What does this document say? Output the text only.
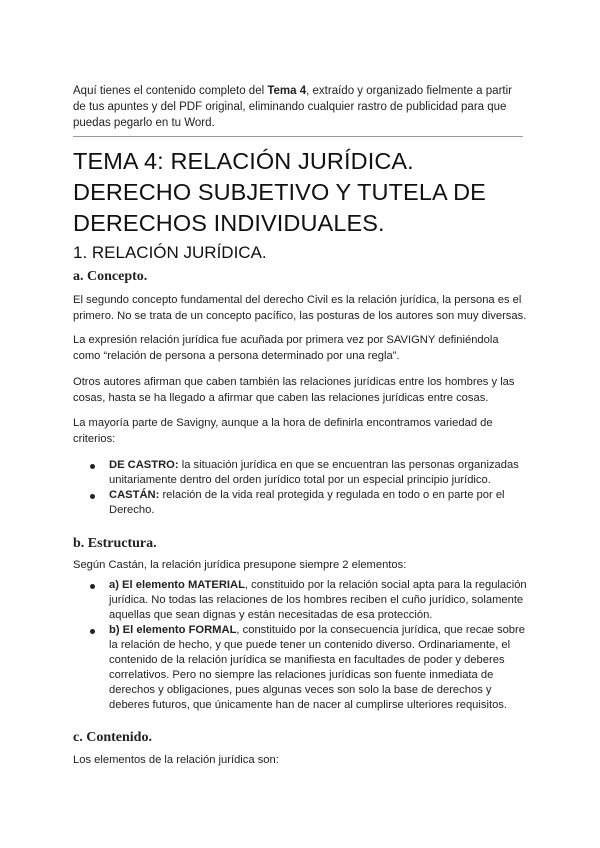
Aquí tienes el contenido completo del Tema 4, extraído y organizado fielmente a partir de tus apuntes y del PDF original, eliminando cualquier rastro de publicidad para que puedas pegarlo en tu Word.

TEMA 4: RELACIÓN JURÍDICA. DERECHO SUBJETIVO Y TUTELA DE DERECHOS INDIVIDUALES.
1. RELACIÓN JURÍDICA.
a. Concepto.

El segundo concepto fundamental del derecho Civil es la relación jurídica, la persona es el primero. No se trata de un concepto pacífico, las posturas de los autores son muy diversas.

La expresión relación jurídica fue acuñada por primera vez por SAVIGNY definiéndola como “relación de persona a persona determinado por una regla”.

Otros autores afirman que caben también las relaciones jurídicas entre los hombres y las cosas, hasta se ha llegado a afirmar que caben las relaciones jurídicas entre cosas.

La mayoría parte de Savigny, aunque a la hora de definirla encontramos variedad de criterios:

DE CASTRO: la situación jurídica en que se encuentran las personas organizadas unitariamente dentro del orden jurídico total por un especial principio jurídico.
CASTÁN: relación de la vida real protegida y regulada en todo o en parte por el Derecho.
b. Estructura.

Según Castán, la relación jurídica presupone siempre 2 elementos:

a) El elemento MATERIAL, constituido por la relación social apta para la regulación jurídica. No todas las relaciones de los hombres reciben el cuño jurídico, solamente aquellas que sean dignas y están necesitadas de esa protección.
b) El elemento FORMAL, constituido por la consecuencia jurídica, que recae sobre la relación de hecho, y que puede tener un contenido diverso. Ordinariamente, el contenido de la relación jurídica se manifiesta en facultades de poder y deberes correlativos. Pero no siempre las relaciones jurídicas son fuente inmediata de derechos y obligaciones, pues algunas veces son solo la base de derechos y deberes futuros, que únicamente han de nacer al cumplirse ulteriores requisitos.
c. Contenido.

Los elementos de la relación jurídica son:
